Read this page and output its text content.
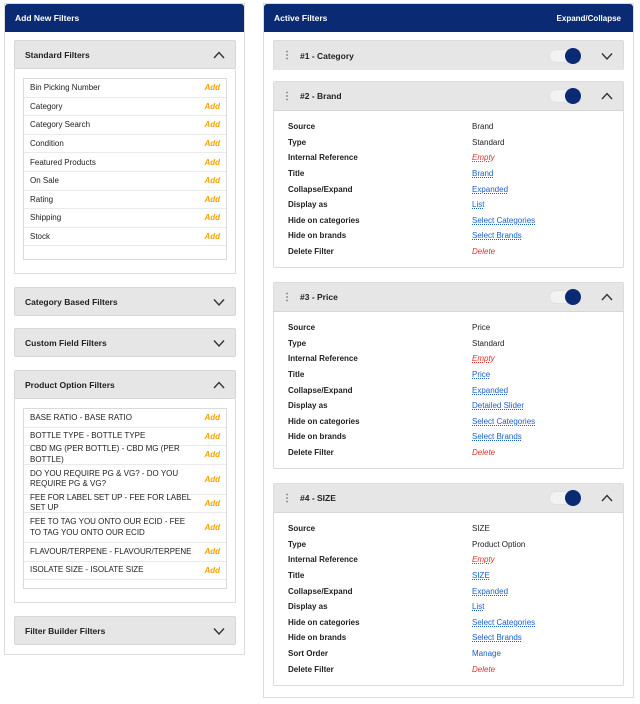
Add New Filters
Standard Filters
Bin Picking Number	Add
Category	Add
Category Search	Add
Condition	Add
Featured Products	Add
On Sale	Add
Rating	Add
Shipping	Add
Stock	Add
Category Based Filters
Custom Field Filters
Product Option Filters
BASE RATIO - BASE RATIO	Add
BOTTLE TYPE - BOTTLE TYPE	Add
CBD MG (PER BOTTLE) - CBD MG (PER BOTTLE)	Add
DO YOU REQUIRE PG & VG? - DO YOU REQUIRE PG & VG?	Add
FEE FOR LABEL SET UP - FEE FOR LABEL SET UP	Add
FEE TO TAG YOU ONTO OUR ECID - FEE TO TAG YOU ONTO OUR ECID	Add
FLAVOUR/TERPENE - FLAVOUR/TERPENE Add
ISOLATE SIZE - ISOLATE SIZE	Add
Filter Builder Filters
Active Filters	Expand/Collapse
⋮ #1 - Category
⋮ #2 - Brand
Source	Brand
Type	Standard
Internal Reference	Empty
Title	Brand
Collapse/Expand	Expanded
Display as	List
Hide on categories	Select Categories
Hide on brands	Select Brands
Delete Filter	Delete
⋮ #3 - Price
Source	Price
Type	Standard
Internal Reference	Empty
Title	Price
Collapse/Expand	Expanded
Display as	Detailed Slider
Hide on categories	Select Categories
Hide on brands	Select Brands
Delete Filter	Delete
⋮ #4 - SIZE
Source	SIZE
Type	Product Option
Internal Reference	Empty
Title	SIZE
Collapse/Expand	Expanded
Display as	List
Hide on categories	Select Categories
Hide on brands	Select Brands
Sort Order	Manage
Delete Filter	Delete
